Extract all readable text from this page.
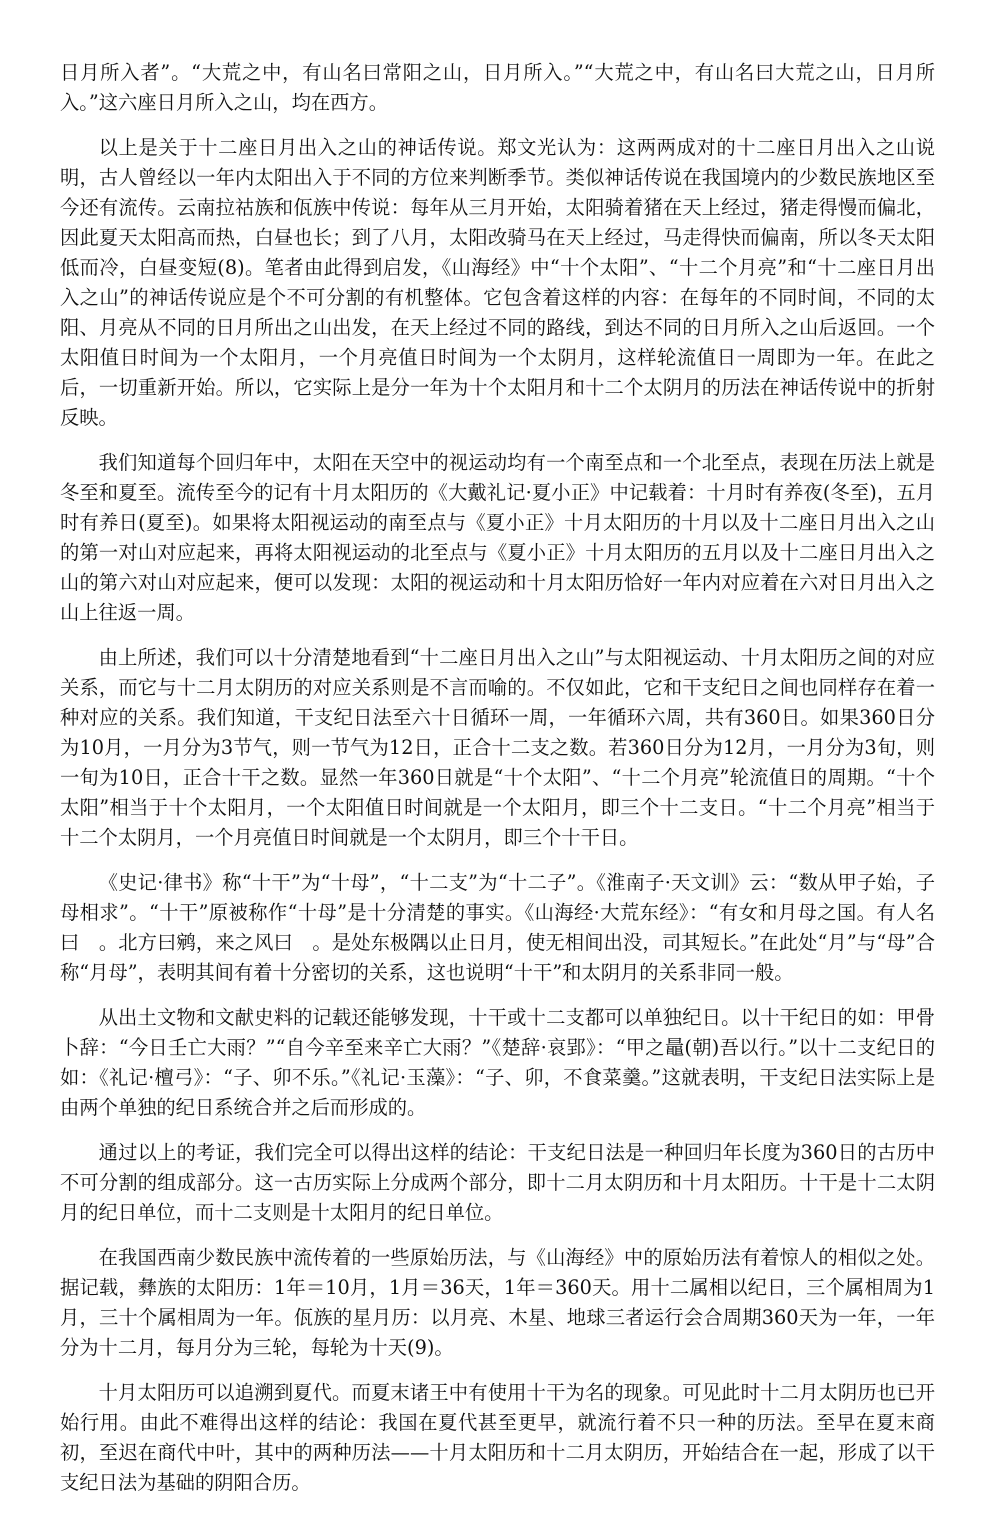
日月所入者”。“大荒之中，有山名曰常阳之山，日月所入。”“大荒之中，有山名曰大荒之山，日月所入。”这六座日月所入之山，均在西方。

以上是关于十二座日月出入之山的神话传说。郑文光认为：这两两成对的十二座日月出入之山说明，古人曾经以一年内太阳出入于不同的方位来判断季节。类似神话传说在我国境内的少数民族地区至今还有流传。云南拉祜族和佤族中传说：每年从三月开始，太阳骑着猪在天上经过，猪走得慢而偏北，因此夏天太阳高而热，白昼也长；到了八月，太阳改骑马在天上经过，马走得快而偏南，所以冬天太阳低而冷，白昼变短(8)。笔者由此得到启发，《山海经》中“十个太阳”、“十二个月亮”和“十二座日月出入之山”的神话传说应是个不可分割的有机整体。它包含着这样的内容：在每年的不同时间，不同的太阳、月亮从不同的日月所出之山出发，在天上经过不同的路线，到达不同的日月所入之山后返回。一个太阳值日时间为一个太阳月，一个月亮值日时间为一个太阴月，这样轮流值日一周即为一年。在此之后，一切重新开始。所以，它实际上是分一年为十个太阳月和十二个太阴月的历法在神话传说中的折射反映。

我们知道每个回归年中，太阳在天空中的视运动均有一个南至点和一个北至点，表现在历法上就是冬至和夏至。流传至今的记有十月太阳历的《大戴礼记·夏小正》中记载着：十月时有养夜(冬至)，五月时有养日(夏至)。如果将太阳视运动的南至点与《夏小正》十月太阳历的十月以及十二座日月出入之山的第一对山对应起来，再将太阳视运动的北至点与《夏小正》十月太阳历的五月以及十二座日月出入之山的第六对山对应起来，便可以发现：太阳的视运动和十月太阳历恰好一年内对应着在六对日月出入之山上往返一周。

由上所述，我们可以十分清楚地看到“十二座日月出入之山”与太阳视运动、十月太阳历之间的对应关系，而它与十二月太阴历的对应关系则是不言而喻的。不仅如此，它和干支纪日之间也同样存在着一种对应的关系。我们知道，干支纪日法至六十日循环一周，一年循环六周，共有360日。如果360日分为10月，一月分为3节气，则一节气为12日，正合十二支之数。若360日分为12月，一月分为3旬，则一旬为10日，正合十干之数。显然一年360日就是“十个太阳”、“十二个月亮”轮流值日的周期。“十个太阳”相当于十个太阳月，一个太阳值日时间就是一个太阳月，即三个十二支日。“十二个月亮”相当于十二个太阴月，一个月亮值日时间就是一个太阴月，即三个十干日。

《史记·律书》称“十干”为“十母”，“十二支”为“十二子”。《淮南子·天文训》云：“数从甲子始，子母相求”。“十干”原被称作“十母”是十分清楚的事实。《山海经·大荒东经》：“有女和月母之国。有人名曰　。北方曰鹓，来之风曰　。是处东极隅以止日月，使无相间出没，司其短长。”在此处“月”与“母”合称“月母”，表明其间有着十分密切的关系，这也说明“十干”和太阴月的关系非同一般。

从出土文物和文献史料的记载还能够发现，十干或十二支都可以单独纪日。以十干纪日的如：甲骨卜辞：“今日壬亡大雨？”“自今辛至来辛亡大雨？”《楚辞·哀郢》：“甲之鼂(朝)吾以行。”以十二支纪日的如：《礼记·檀弓》：“子、卯不乐。”《礼记·玉藻》：“子、卯，不食菜羹。”这就表明，干支纪日法实际上是由两个单独的纪日系统合并之后而形成的。

通过以上的考证，我们完全可以得出这样的结论：干支纪日法是一种回归年长度为360日的古历中不可分割的组成部分。这一古历实际上分成两个部分，即十二月太阴历和十月太阳历。十干是十二太阴月的纪日单位，而十二支则是十太阳月的纪日单位。

在我国西南少数民族中流传着的一些原始历法，与《山海经》中的原始历法有着惊人的相似之处。据记载，彝族的太阳历：1年＝10月，1月＝36天，1年＝360天。用十二属相以纪日，三个属相周为1月，三十个属相周为一年。佤族的星月历：以月亮、木星、地球三者运行会合周期360天为一年，一年分为十二月，每月分为三轮，每轮为十天(9)。

十月太阳历可以追溯到夏代。而夏末诸王中有使用十干为名的现象。可见此时十二月太阴历也已开始行用。由此不难得出这样的结论：我国在夏代甚至更早，就流行着不只一种的历法。至早在夏末商初，至迟在商代中叶，其中的两种历法——十月太阳历和十二月太阴历，开始结合在一起，形成了以干支纪日法为基础的阴阳合历。
